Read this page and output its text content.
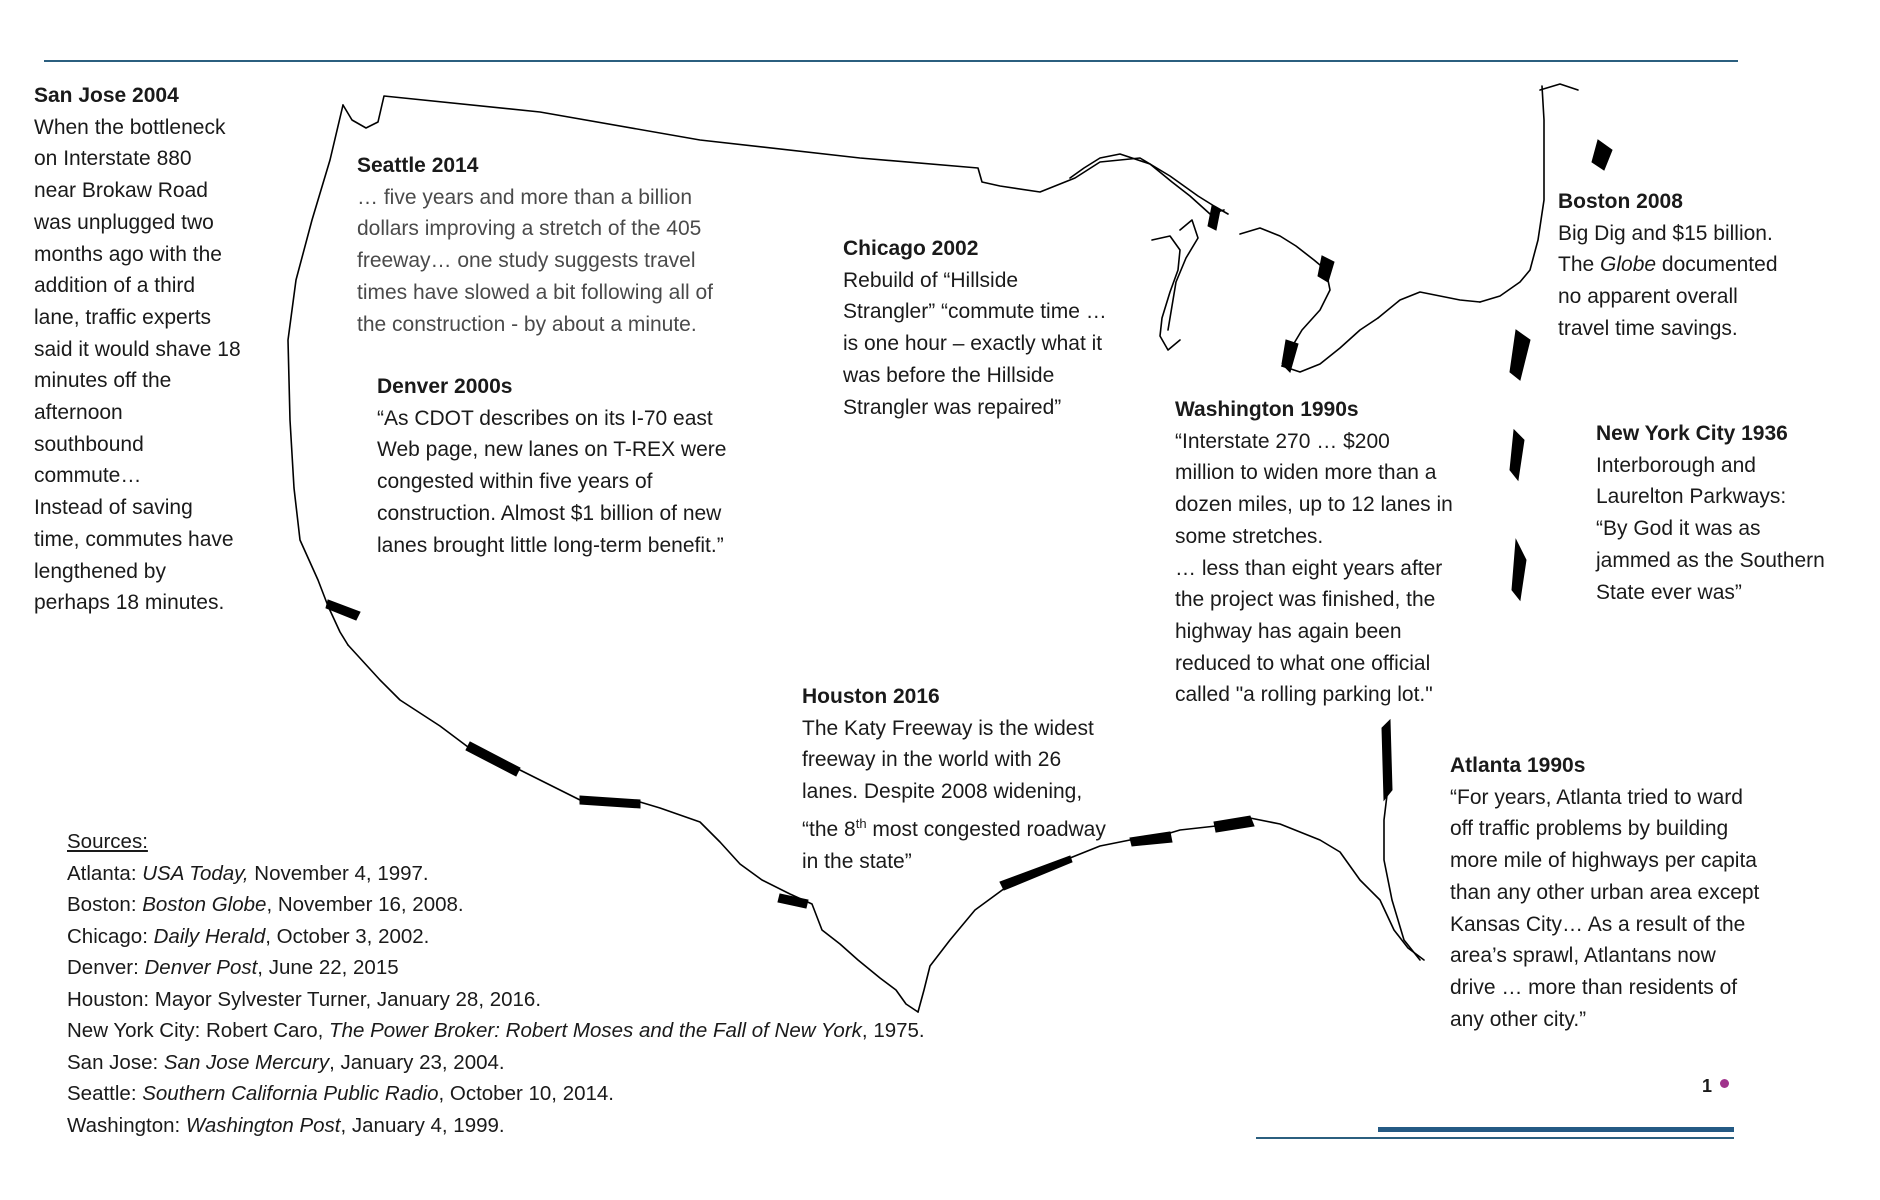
San Jose 2004

When the bottleneck

on Interstate 880

near Brokaw Road

was unplugged two

months ago with the

addition of a third

lane, traffic experts

said it would shave 18

minutes off the

afternoon

southbound

commute…

Instead of saving

time, commutes have

lengthened by

perhaps 18 minutes.

Seattle 2014

… five years and more than a billion

dollars improving a stretch of the 405

freeway… one study suggests travel

times have slowed a bit following all of

the construction - by about a minute.

Denver 2000s

“As CDOT describes on its I-70 east

Web page, new lanes on T-REX were

congested within five years of

construction. Almost $1 billion of new

lanes brought little long-term benefit.”

Chicago 2002

Rebuild of “Hillside

Strangler” “commute time …

is one hour – exactly what it

was before the Hillside

Strangler was repaired”

Boston 2008

Big Dig and $15 billion.

The Globe documented

no apparent overall

travel time savings.

Washington 1990s

“Interstate 270 … $200

million to widen more than a

dozen miles, up to 12 lanes in

some stretches.

… less than eight years after

the project was finished, the

highway has again been

reduced to what one official

called "a rolling parking lot."

New York City 1936

Interborough and

Laurelton Parkways:

“By God it was as

jammed as the Southern

State ever was”

Houston 2016

The Katy Freeway is the widest

freeway in the world with 26

lanes. Despite 2008 widening,

“the 8th most congested roadway

in the state”

Atlanta 1990s

“For years, Atlanta tried to ward

off traffic problems by building

more mile of highways per capita

than any other urban area except

Kansas City… As a result of the

area’s sprawl, Atlantans now

drive … more than residents of

any other city.”

Sources:
Atlanta: USA Today, November 4, 1997.
Boston: Boston Globe, November 16, 2008.
Chicago: Daily Herald, October 3, 2002.
Denver: Denver Post, June 22, 2015
Houston: Mayor Sylvester Turner, January 28, 2016.
New York City: Robert Caro, The Power Broker: Robert Moses and the Fall of New York, 1975.
San Jose: San Jose Mercury, January 23, 2004.
Seattle: Southern California Public Radio, October 10, 2014.
Washington: Washington Post, January 4, 1999.
1
